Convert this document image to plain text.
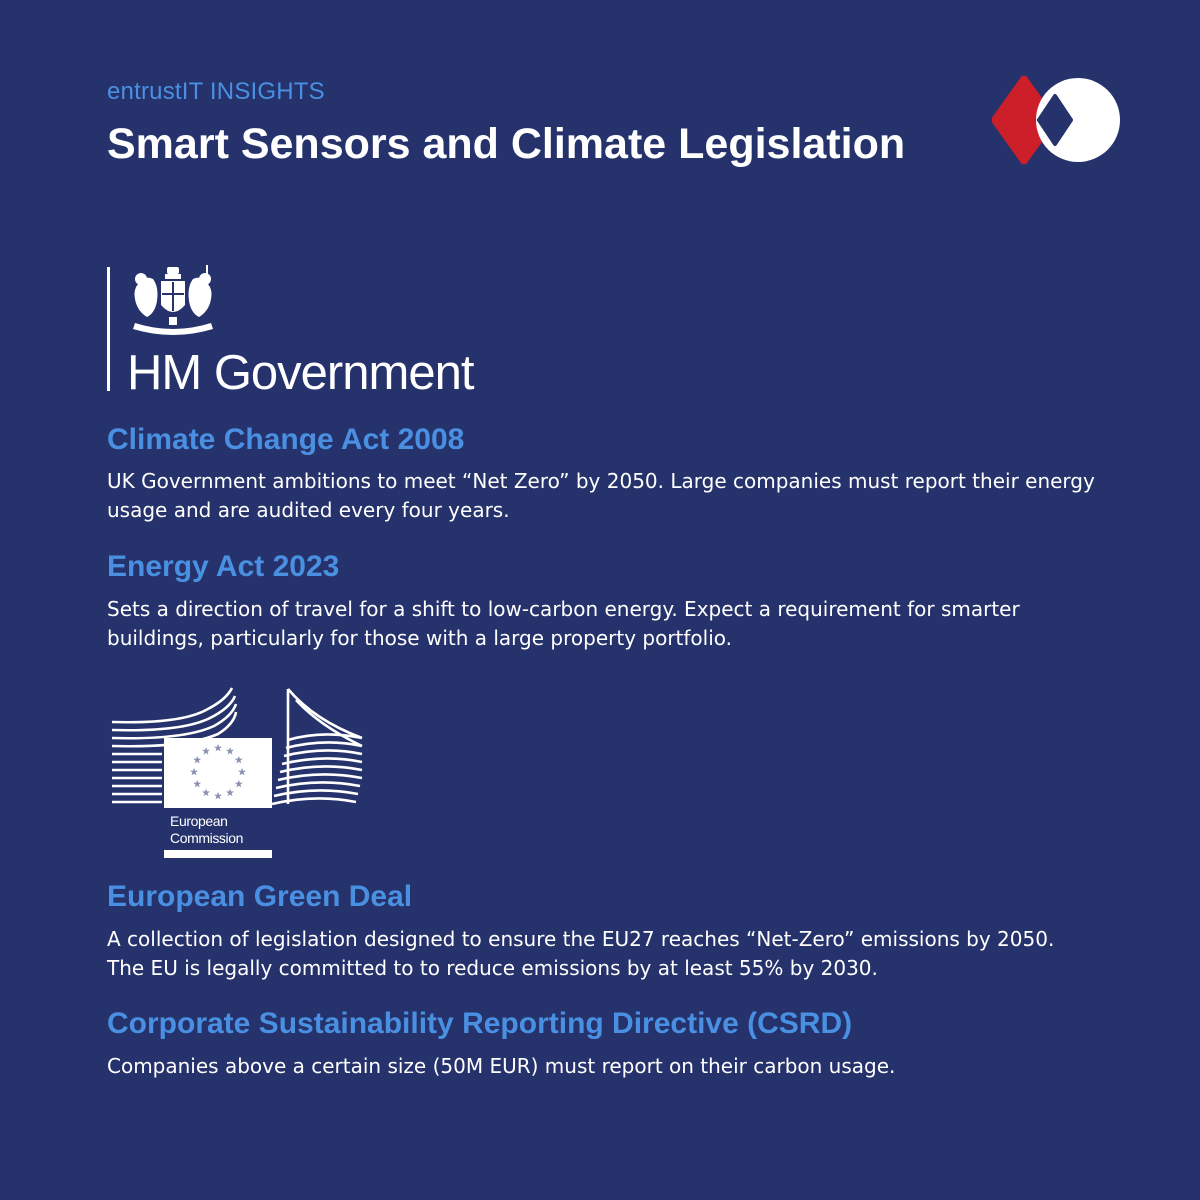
entrustIT INSIGHTS
Smart Sensors and Climate Legislation
HM Government
Climate Change Act 2008

UK Government ambitions to meet “Net Zero” by 2050. Large companies must report their energy usage and are audited every four years.

Energy Act 2023

Sets a direction of travel for a shift to low-carbon energy. Expect a requirement for smarter buildings, particularly for those with a large property portfolio.

European
Commission
European Green Deal

A collection of legislation designed to ensure the EU27 reaches “Net-Zero” emissions by 2050. The EU is legally committed to to reduce emissions by at least 55% by 2030.

Corporate Sustainability Reporting Directive (CSRD)

Companies above a certain size (50M EUR) must report on their carbon usage.
